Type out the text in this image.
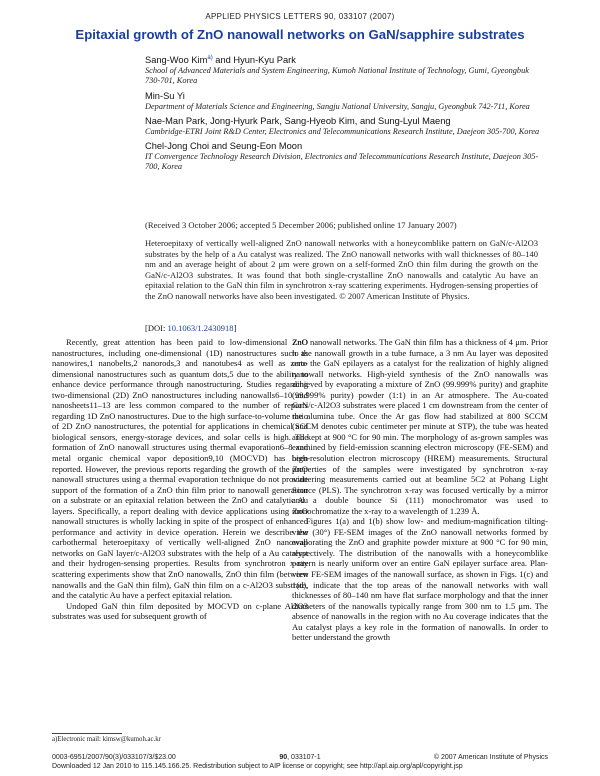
APPLIED PHYSICS LETTERS 90, 033107 (2007)
Epitaxial growth of ZnO nanowall networks on GaN/sapphire substrates
Sang-Woo Kim$^{a)}$ and Hyun-Kyu Park
School of Advanced Materials and System Engineering, Kumoh National Institute of Technology, Gumi, Gyeongbuk 730-701, Korea
Min-Su Yi
Department of Materials Science and Engineering, Sangju National University, Sangju, Gyeongbuk 742-711, Korea
Nae-Man Park, Jong-Hyurk Park, Sang-Hyeob Kim, and Sung-Lyul Maeng
Cambridge-ETRI Joint R&D Center, Electronics and Telecommunications Research Institute, Daejeon 305-700, Korea
Chel-Jong Choi and Seung-Eon Moon
IT Convergence Technology Research Division, Electronics and Telecommunications Research Institute, Daejeon 305-700, Korea
(Received 3 October 2006; accepted 5 December 2006; published online 17 January 2007)
Heteroepitaxy of vertically well-aligned ZnO nanowall networks with a honeycomblike pattern on GaN/c-Al2O3 substrates by the help of a Au catalyst was realized. The ZnO nanowall networks with wall thicknesses of 80–140 nm and an average height of about 2 μm were grown on a self-formed ZnO thin film during the growth on the GaN/c-Al2O3 substrates. It was found that both single-crystalline ZnO nanowalls and catalytic Au have an epitaxial relation to the GaN thin film in synchrotron x-ray scattering experiments. Hydrogen-sensing properties of the ZnO nanowall networks have also been investigated. © 2007 American Institute of Physics.
[DOI: 10.1063/1.2430918]

Recently, great attention has been paid to low-dimensional ZnO nanostructures, including one-dimensional (1D) nanostructures such as nanowires,1 nanobelts,2 nanorods,3 and nanotubes4 as well as zero-dimensional nanostructures such as quantum dots,5 due to the ability to enhance device performance through nanostructuring. Studies regarding two-dimensional (2D) ZnO nanostructures including nanowalls6–10 and nanosheets11–13 are less common compared to the number of reports regarding 1D ZnO nanostructures. Due to the high surface-to-volume ratio of 2D ZnO nanostructures, the potential for applications in chemical and biological sensors, energy-storage devices, and solar cells is high. The formation of ZnO nanowall structures using thermal evaporation6–8 and metal organic chemical vapor deposition9,10 (MOCVD) has been reported. However, the previous reports regarding the growth of the ZnO nanowall structures using a thermal evaporation technique do not provide support of the formation of a ZnO thin film prior to nanowall generation on a substrate or an epitaxial relation between the ZnO and catalytic Au layers. Specifically, a report dealing with device applications using ZnO nanowall structures is wholly lacking in spite of the prospect of enhanced performance and activity in device operation. Herein we describe the carbothermal heteroepitaxy of vertically well-aligned ZnO nanowall networks on GaN layer/c-Al2O3 substrates with the help of a Au catalyst and their hydrogen-sensing properties. Results from synchrotron x-ray scattering experiments show that ZnO nanowalls, ZnO thin film (between nanowalls and the GaN thin film), GaN thin film on a c-Al2O3 substrate, and the catalytic Au have a perfect epitaxial relation.

Undoped GaN thin film deposited by MOCVD on c-plane Al2O3 substrates was used for subsequent growth of

ZnO nanowall networks. The GaN thin film has a thickness of 4 μm. Prior to the nanowall growth in a tube furnace, a 3 nm Au layer was deposited onto the GaN epilayers as a catalyst for the realization of highly aligned nanowall networks. High-yield synthesis of the ZnO nanowalls was achieved by evaporating a mixture of ZnO (99.999% purity) and graphite (99.999% purity) powder (1:1) in an Ar atmosphere. The Au-coated GaN/c-Al2O3 substrates were placed 1 cm downstream from the center of the alumina tube. Once the Ar gas flow had stabilized at 800 SCCM (SCCM denotes cubic centimeter per minute at STP), the tube was heated and kept at 900 °C for 90 min. The morphology of as-grown samples was examined by field-emission scanning electron microscopy (FE-SEM) and high-resolution electron microscopy (HREM) measurements. Structural properties of the samples were investigated by synchrotron x-ray scattering measurements carried out at beamline 5C2 at Pohang Light Source (PLS). The synchrotron x-ray was focused vertically by a mirror and a double bounce Si (111) monochromator was used to monochromatize the x-ray to a wavelength of 1.239 Å.

Figures 1(a) and 1(b) show low- and medium-magnification tilting-view (30°) FE-SEM images of the ZnO nanowall networks formed by evaporating the ZnO and graphite powder mixture at 900 °C for 90 min, respectively. The distribution of the nanowalls with a honeycomblike pattern is nearly uniform over an entire GaN epilayer surface area. Plan-view FE-SEM images of the nanowall surface, as shown in Figs. 1(c) and 1(d), indicate that the top areas of the nanowall networks with wall thicknesses of 80–140 nm have flat surface morphology and that the inner diameters of the nanowalls typically range from 300 nm to 1.5 μm. The absence of nanowalls in the region with no Au coverage indicates that the Au catalyst plays a key role in the formation of nanowalls. In order to better understand the growth

a)Electronic mail: kimsw@kumoh.ac.kr
0003-6951/2007/90(3)/033107/3/$23.00	90, 033107-1	© 2007 American Institute of Physics
Downloaded 12 Jan 2010 to 115.145.166.25. Redistribution subject to AIP license or copyright; see http://apl.aip.org/apl/copyright.jsp
